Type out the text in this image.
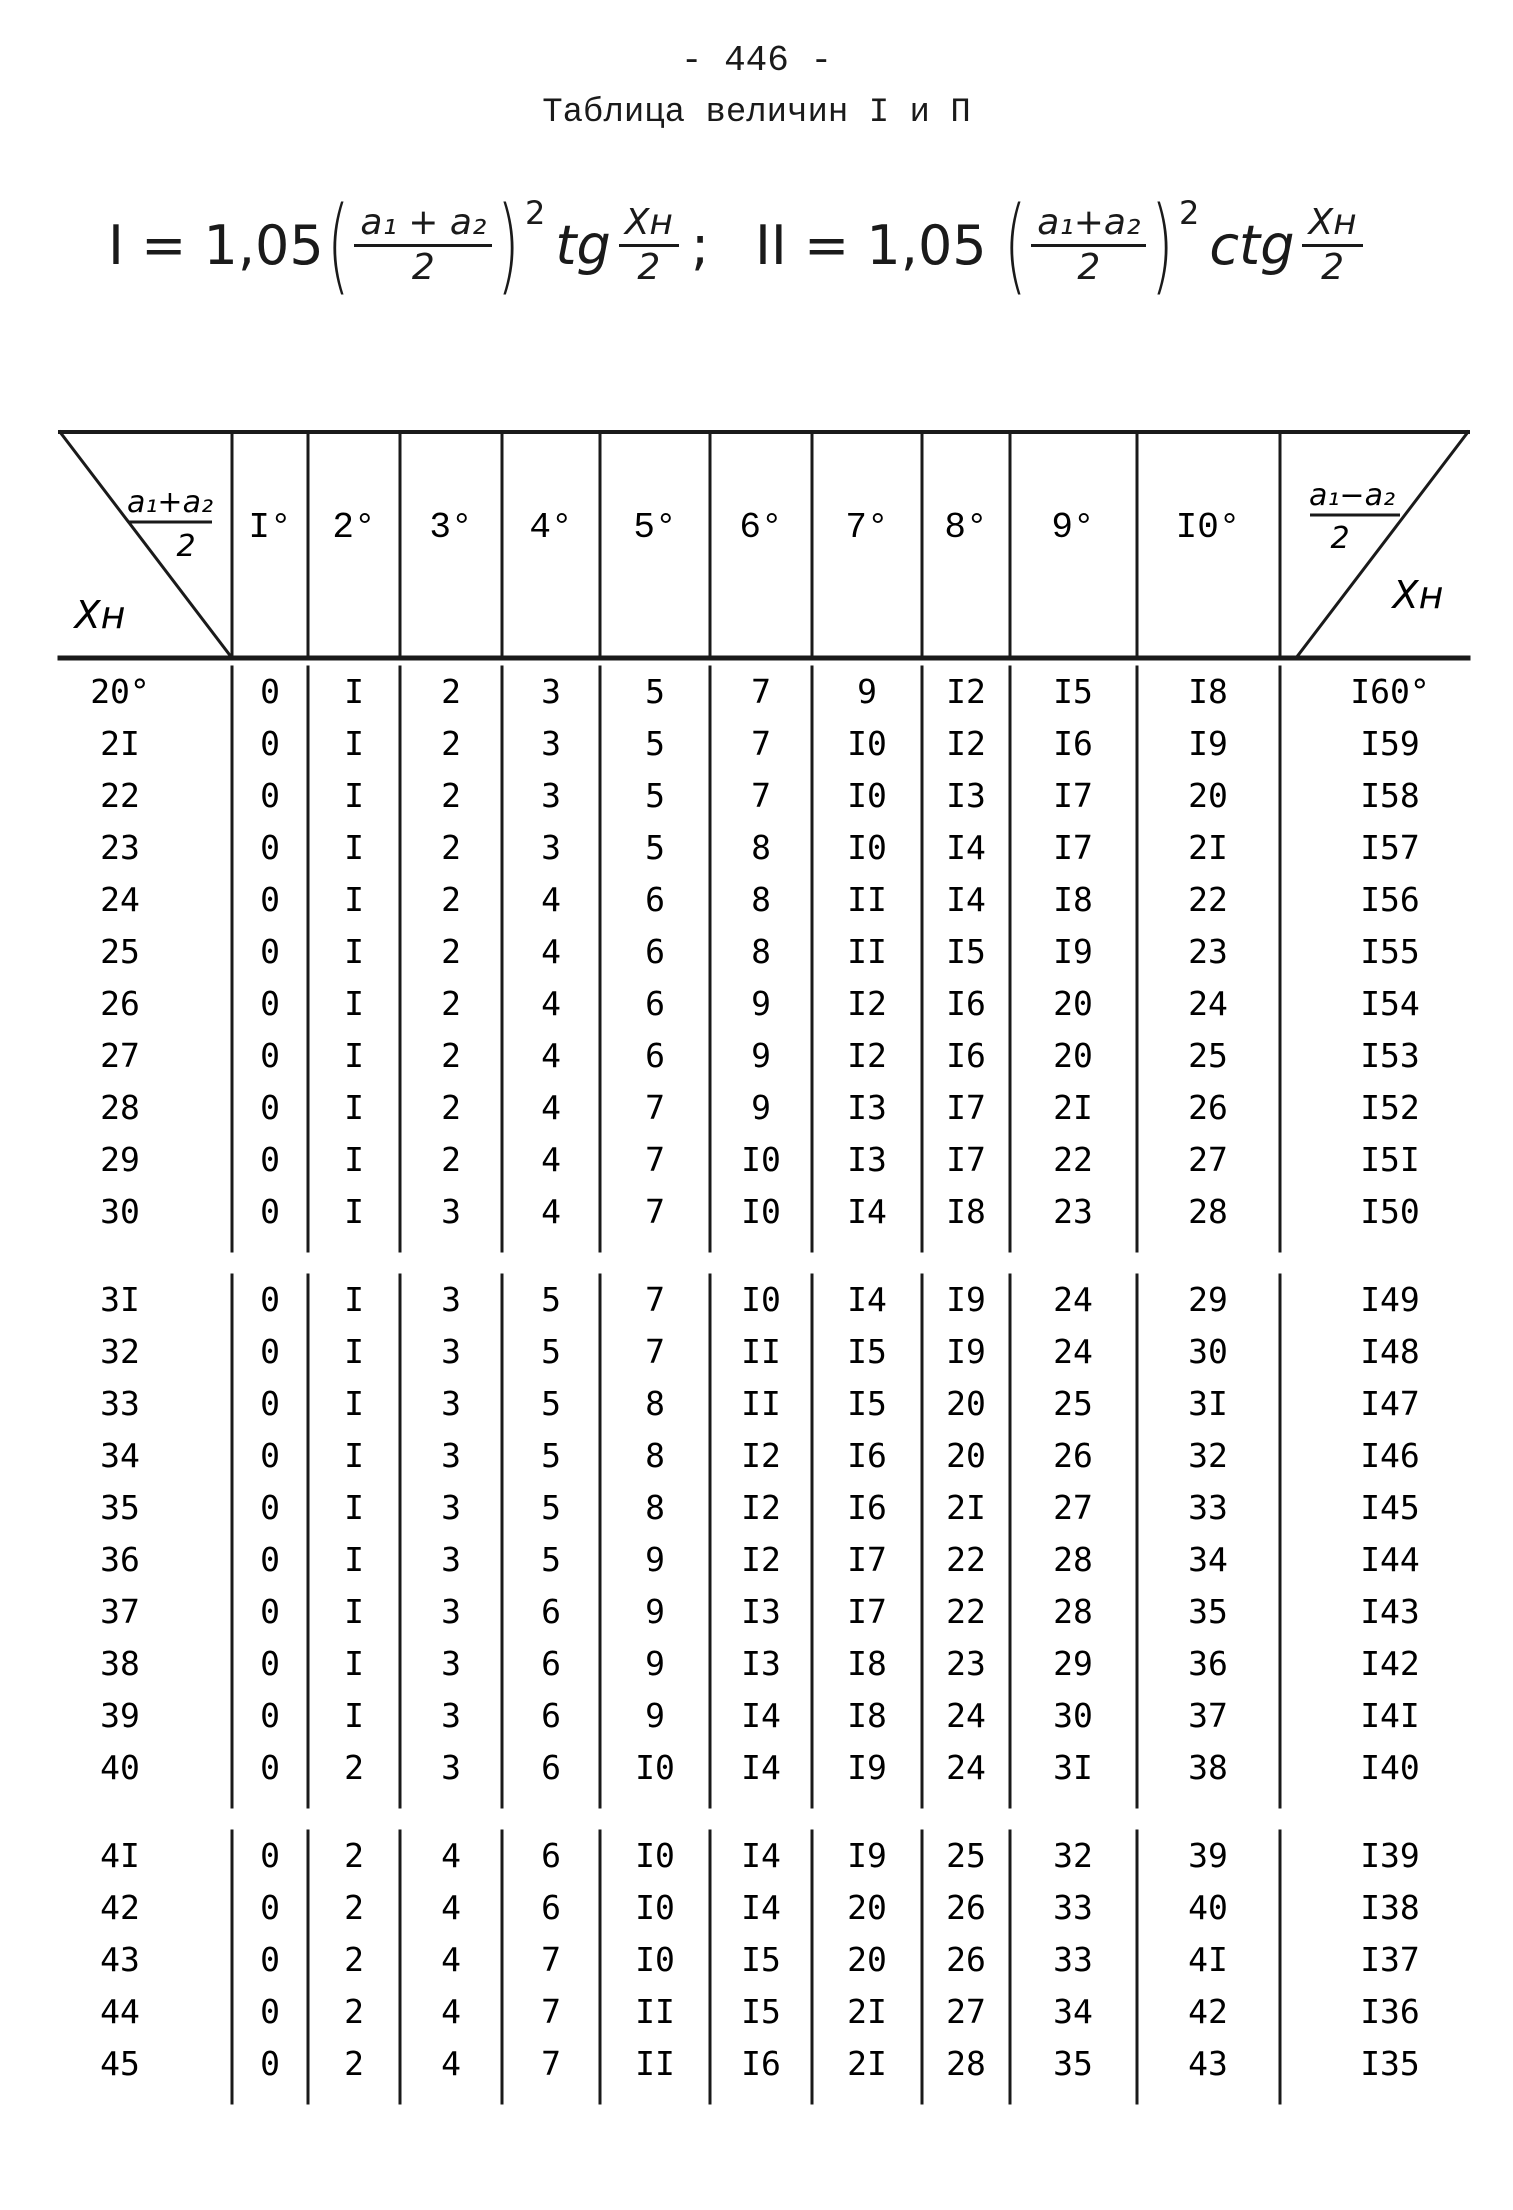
- 446 -
Таблица величин I и П
I = 1,05 ( $\frac{\text{a₁ + a₂}}{2}$ ) 2
tg $\frac{Xн}{2}$ ; II = 1,05 ( $\frac{\text{a₁+a₂}}{2}$ ) 2
ctg $\frac{Xн}{2}$
a₁+a₂
2
Xн
a₁−a₂
2
Xн
I° 2° 3° 4° 5° 6° 7° 8° 9° I0°
20°	0 I 2 3	5	7	9 I2 I5	I8	I60°
2I	0 I 2 3	5	7 I0 I2 I6	I9	I59
22	0 I 2 3	5	7 I0 I3 I7	20	I58
23	0 I 2 3	5	8 I0 I4 I7	2I	I57
24	0 I 2 4	6	8 II I4 I8	22	I56
25	0 I 2 4	6	8 II I5 I9	23	I55
26	0 I 2 4	6	9 I2 I6 20	24	I54
27	0 I 2 4	6	9 I2 I6 20	25	I53
28	0 I 2 4	7	9 I3 I7 2I	26	I52
29	0 I 2 4	7 I0 I3 I7 22	27	I5I
30	0 I 3 4	7 I0 I4 I8 23	28	I50
3I	0 I 3 5	7 I0 I4 I9 24	29	I49
32	0 I 3 5	7 II I5 I9 24	30	I48
33	0 I 3 5	8 II I5 20 25	3I	I47
34	0 I 3 5	8 I2 I6 20 26	32	I46
35	0 I 3 5	8 I2 I6 2I 27	33	I45
36	0 I 3 5	9 I2 I7 22 28	34	I44
37	0 I 3 6	9 I3 I7 22 28	35	I43
38	0 I 3 6	9 I3 I8 23 29	36	I42
39	0 I 3 6	9 I4 I8 24 30	37	I4I
40	0 2 3 6 I0 I4 I9 24 3I	38	I40
4I	0 2 4 6 I0 I4 I9 25 32	39	I39
42	0 2 4 6 I0 I4 20 26 33	40	I38
43	0 2 4 7 I0 I5 20 26 33	4I	I37
44	0 2 4 7 II I5 2I 27 34	42	I36
45	0 2 4 7 II I6 2I 28 35	43	I35
